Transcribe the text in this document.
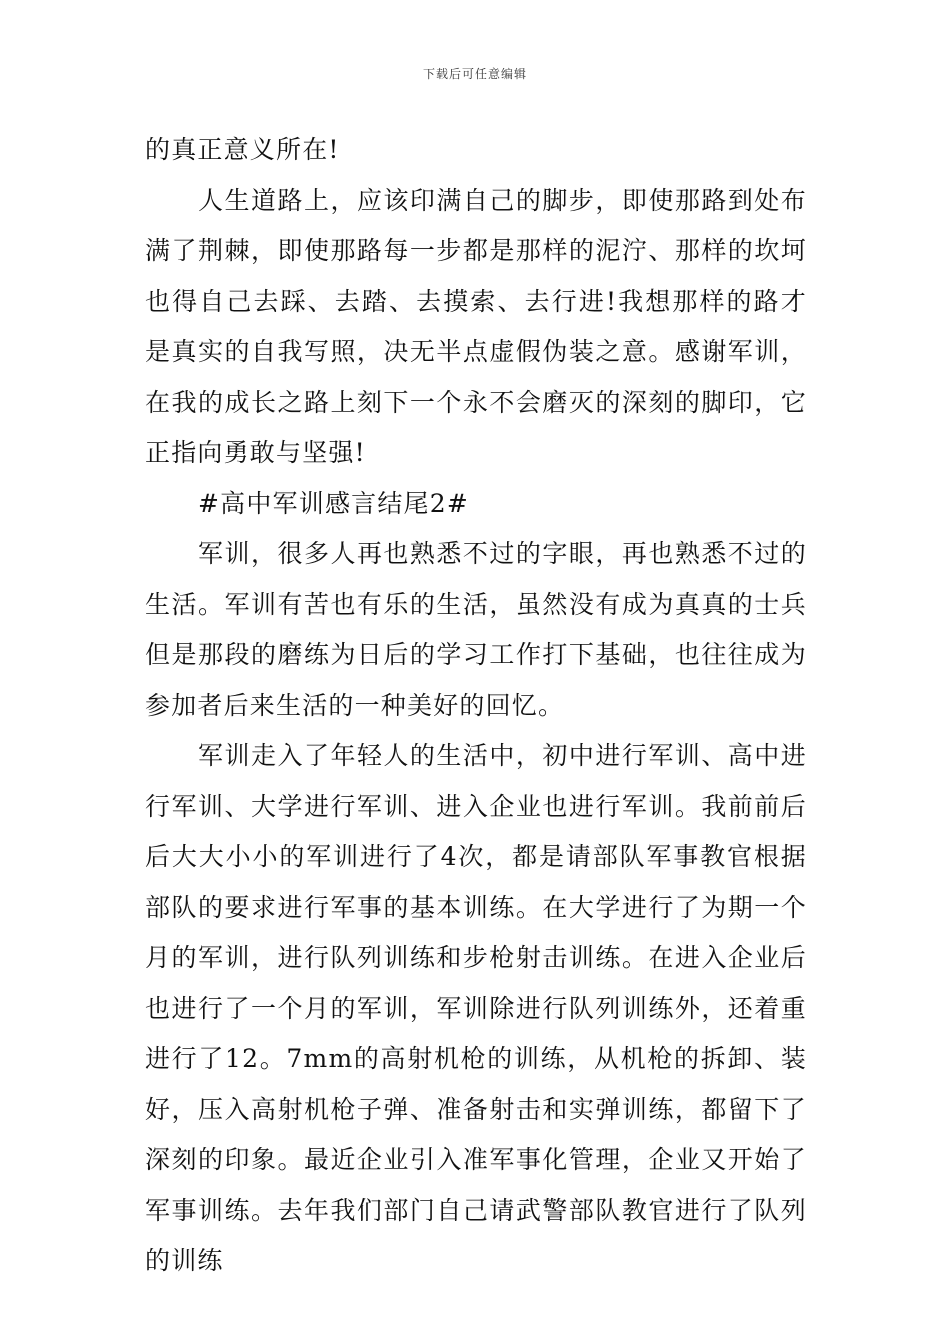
下载后可任意编辑

的真正意义所在!

人生道路上，应该印满自己的脚步，即使那路到处布满了荆棘，即使那路每一步都是那样的泥泞、那样的坎坷也得自己去踩、去踏、去摸索、去行进!我想那样的路才是真实的自我写照，决无半点虚假伪装之意。感谢军训，在我的成长之路上刻下一个永不会磨灭的深刻的脚印，它正指向勇敢与坚强!

#高中军训感言结尾2#

军训，很多人再也熟悉不过的字眼，再也熟悉不过的生活。军训有苦也有乐的生活，虽然没有成为真真的士兵但是那段的磨练为日后的学习工作打下基础，也往往成为参加者后来生活的一种美好的回忆。

军训走入了年轻人的生活中，初中进行军训、高中进行军训、大学进行军训、进入企业也进行军训。我前前后后大大小小的军训进行了4次，都是请部队军事教官根据部队的要求进行军事的基本训练。在大学进行了为期一个月的军训，进行队列训练和步枪射击训练。在进入企业后也进行了一个月的军训，军训除进行队列训练外，还着重进行了12。7mm的高射机枪的训练，从机枪的拆卸、装好，压入高射机枪子弹、准备射击和实弹训练，都留下了深刻的印象。最近企业引入准军事化管理，企业又开始了军事训练。去年我们部门自己请武警部队教官进行了队列的训练
